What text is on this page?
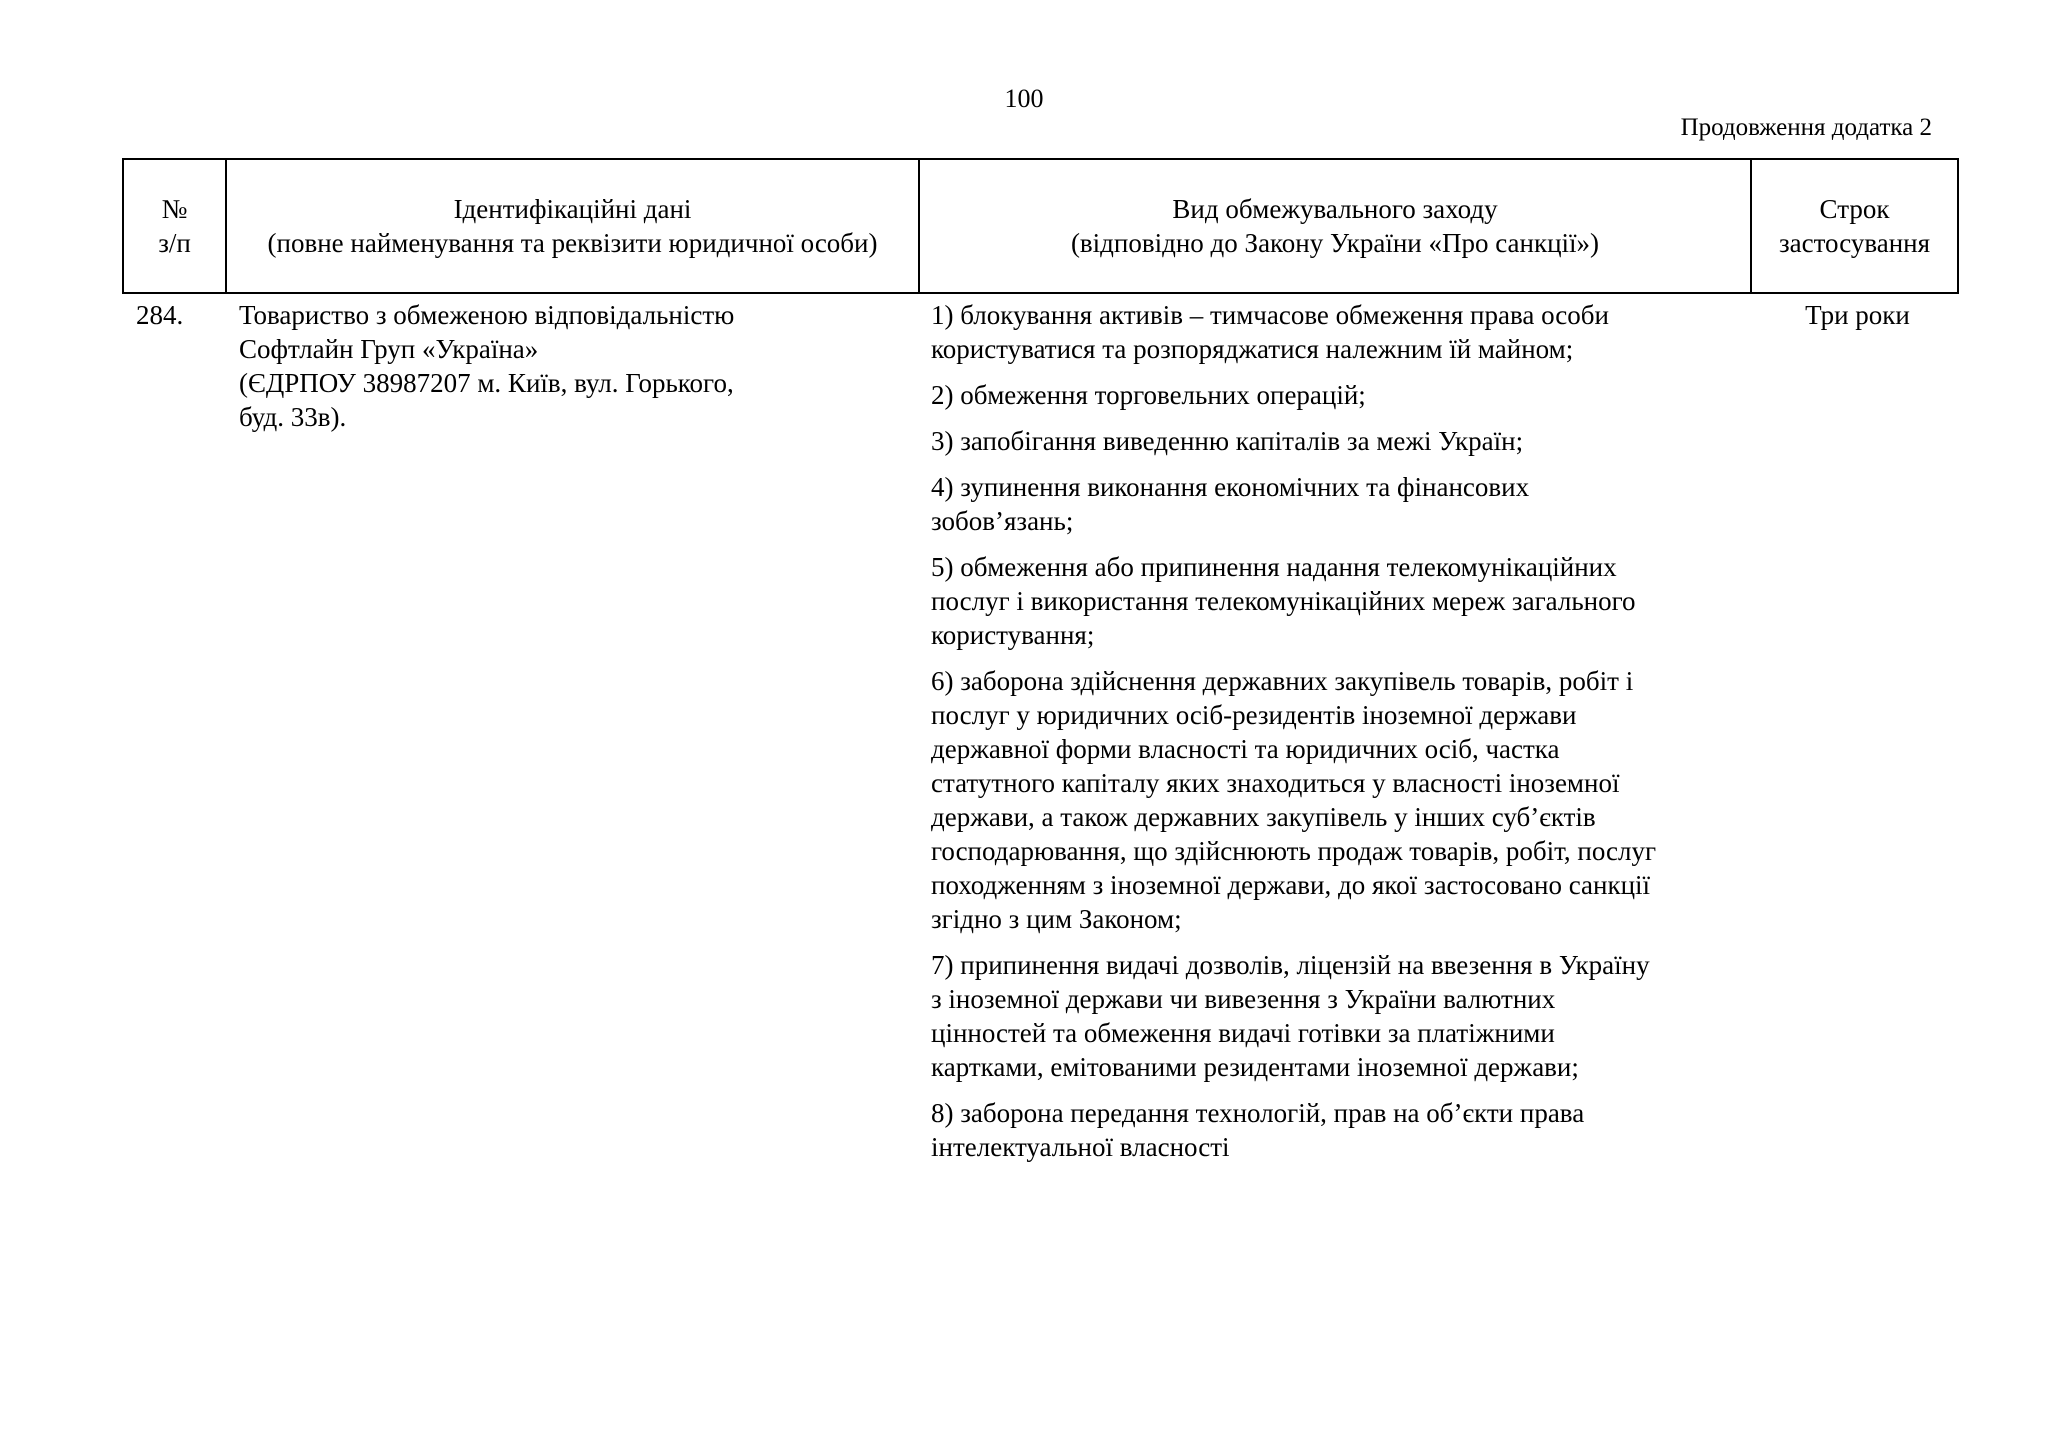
100
Продовження додатка 2
№
з/п
Ідентифікаційні дані
(повне найменування та реквізити юридичної особи)
Вид обмежувального заходу
(відповідно до Закону України «Про санкції»)
Строк
застосування
284. Товариство з обмеженою відповідальністю
Софтлайн Груп «Україна»
(ЄДРПОУ 38987207 м. Київ, вул. Горького,
буд. 33в).
1) блокування активів – тимчасове обмеження права особи
користуватися та розпоряджатися належним їй майном;
2) обмеження торговельних операцій;
3) запобігання виведенню капіталів за межі Україн;
4) зупинення виконання економічних та фінансових
зобов’язань;
5) обмеження або припинення надання телекомунікаційних
послуг і використання телекомунікаційних мереж загального
користування;
6) заборона здійснення державних закупівель товарів, робіт і
послуг у юридичних осіб-резидентів іноземної держави
державної форми власності та юридичних осіб, частка
статутного капіталу яких знаходиться у власності іноземної
держави, а також державних закупівель у інших суб’єктів
господарювання, що здійснюють продаж товарів, робіт, послуг
походженням з іноземної держави, до якої застосовано санкції
згідно з цим Законом;
7) припинення видачі дозволів, ліцензій на ввезення в Україну
з іноземної держави чи вивезення з України валютних
цінностей та обмеження видачі готівки за платіжними
картками, емітованими резидентами іноземної держави;
8) заборона передання технологій, прав на об’єкти права
інтелектуальної власності
Три роки
